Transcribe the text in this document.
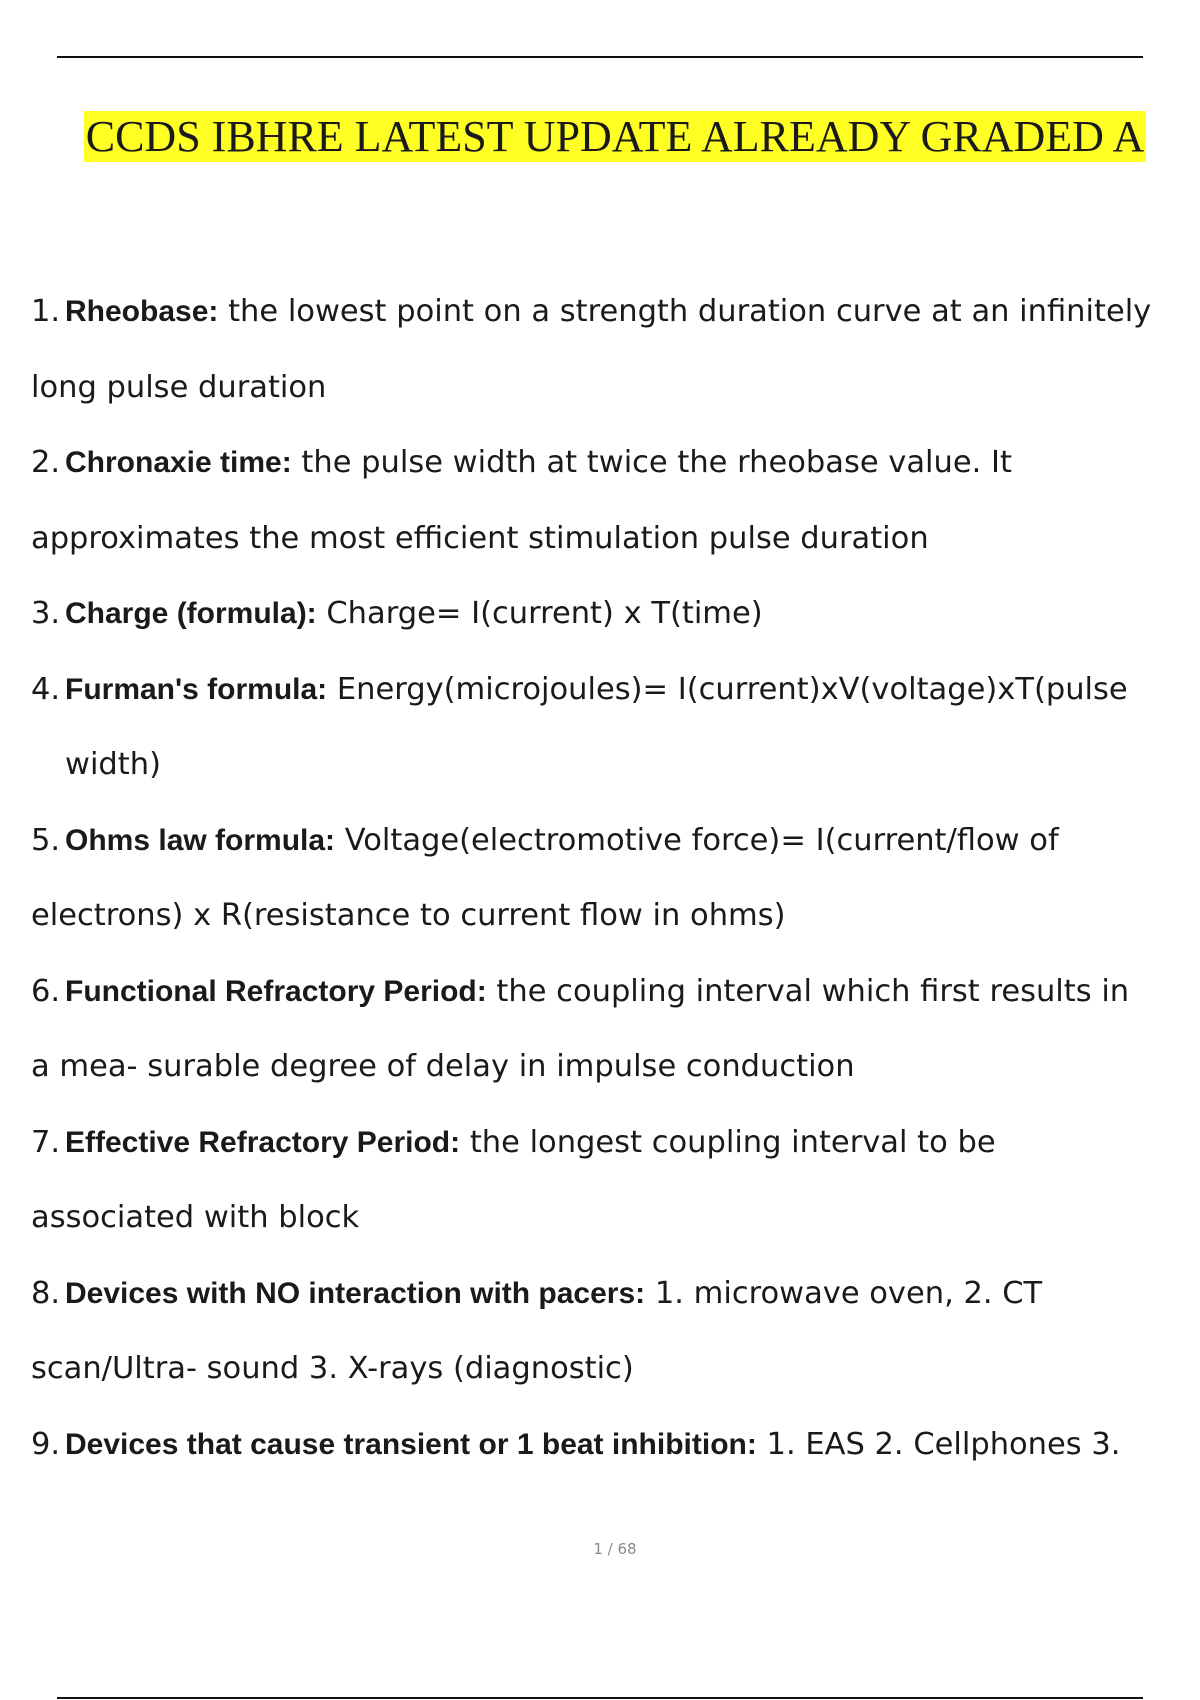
CCDS IBHRE LATEST UPDATE ALREADY GRADED A
1. Rheobase: the lowest point on a strength duration curve at an infinitely
long pulse duration
2. Chronaxie time: the pulse width at twice the rheobase value. It
approximates the most efficient stimulation pulse duration
3. Charge (formula): Charge= I(current) x T(time)
4. Furman's formula: Energy(microjoules)= I(current)xV(voltage)xT(pulse
width)
5. Ohms law formula: Voltage(electromotive force)= I(current/flow of
electrons) x R(resistance to current flow in ohms)
6. Functional Refractory Period: the coupling interval which first results in
a mea- surable degree of delay in impulse conduction
7. Effective Refractory Period: the longest coupling interval to be
associated with block
8. Devices with NO interaction with pacers: 1. microwave oven, 2. CT
scan/Ultra- sound 3. X-rays (diagnostic)
9. Devices that cause transient or 1 beat inhibition: 1. EAS 2. Cellphones 3.
1 / 68
